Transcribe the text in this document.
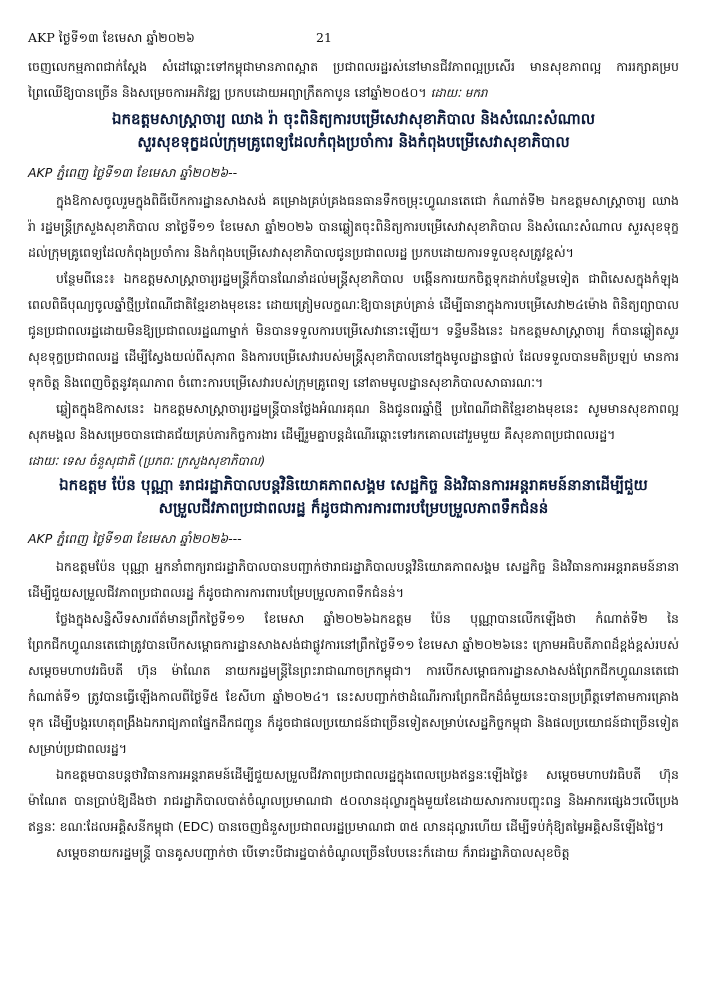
AKP ថ្ងៃទី១៣ ខែមេសា ឆ្នាំ២០២៦	21

ចេញលេកម្មភាពជាក់ស្តែង សំដៅឆ្ពោះទៅកម្ពុជាមានភាពស្អាត ប្រជាពលរដ្ឋរស់នៅមានជីវភាពល្អប្រសើរ មានសុខភាពល្អ ការរក្សាគម្របព្រៃឈើឱ្យបានច្រើន និងសម្រេចការអភិវឌ្ឍ ប្រកបដោយអព្យាក្រឹតកាបូន នៅឆ្នាំ២០៥០។ ដោយៈ មករា

ឯកឧត្តមសាស្ត្រាចារ្យ ឈាង រ៉ា ចុះពិនិត្យការបម្រើសេវាសុខាភិបាល និងសំណេះសំណាល
សួរសុខទុក្ខដល់ក្រុមគ្រូពេទ្យដែលកំពុងប្រចាំការ និងកំពុងបម្រើសេវាសុខាភិបាល

AKP ភ្នំពេញ ថ្ងៃទី១៣ ខែមេសា ឆ្នាំ២០២៦--

ក្នុងឱកាសចូលរួមក្នុងពិធីបើកការដ្ឋានសាងសង់ គម្រោងគ្រប់គ្រងធនធានទឹកចម្រុះហ្វូណនតេជោ កំណាត់ទី២ ឯកឧត្តមសាស្ត្រាចារ្យ ឈាង រ៉ា រដ្ឋមន្ត្រីក្រសួងសុខាភិបាល នាថ្ងៃទី១១ ខែមេសា ឆ្នាំ២០២៦ បានឆ្លៀតចុះពិនិត្យការបម្រើសេវាសុខាភិបាល និងសំណេះសំណាល សួរសុខទុក្ខដល់ក្រុមគ្រូពេទ្យដែលកំពុងប្រចាំការ និងកំពុងបម្រើសេវាសុខាភិបាលជូនប្រជាពលរដ្ឋ ប្រកបដោយការទទួលខុសត្រូវខ្ពស់។

បន្ថែមពីនេះ៖ ឯកឧត្តមសាស្ត្រាចារ្យរដ្ឋមន្ត្រីក៏បានណែនាំដល់មន្ត្រីសុខាភិបាល បង្កើនការយកចិត្តទុកដាក់បន្ថែមទៀត ជាពិសេសក្នុងកំឡុងពេលពិធីបុណ្យចូលឆ្នាំថ្មីប្រពៃណីជាតិខ្មែរខាងមុខនេះ ដោយត្រៀមលក្ខណៈឱ្យបានគ្រប់គ្រាន់ ដើម្បីធានាក្នុងការបម្រើសេវា២៤ម៉ោង ពិនិត្យព្យាបាល ជូនប្រជាពលរដ្ឋដោយមិនឱ្យប្រជាពលរដ្ឋណាម្នាក់ មិនបានទទួលការបម្រើសេវានោះឡើយ។ ទន្ទឹមនឹងនេះ ឯកឧត្តមសាស្ត្រាចារ្យ ក៏បានឆ្លៀតសួរសុខទុក្ខប្រជាពលរដ្ឋ ដើម្បីស្វែងយល់ពីសុភាព និងការបម្រើសេវារបស់មន្ត្រីសុខាភិបាលនៅក្នុងមូលដ្ឋានផ្ទាល់ ដែលទទួលបានមតិប្រឡប់ មានការទុកចិត្ត និងពេញចិត្តនូវគុណភាព ចំពោះការបម្រើសេវារបស់ក្រុមគ្រូពេទ្យ នៅតាមមូលដ្ឋានសុខាភិបាលសាធារណៈ។

ឆ្លៀតក្នុងឱកាសនេះ ឯកឧត្តមសាស្ត្រាចារ្យរដ្ឋមន្ត្រីបានថ្លែងអំណរគុណ និងជូនពរឆ្នាំថ្មី ប្រពៃណីជាតិខ្មែរខាងមុខនេះ សូមមានសុខភាពល្អ សុភមង្គល និងសម្រេចបានជោគជ័យគ្រប់ភារកិច្ចការងារ ដើម្បីរួមគ្នាបន្តដំណើរឆ្ពោះទៅរកគោលដៅរួមមួយ គឺសុខភាពប្រជាពលរដ្ឋ។

ដោយៈ ទេស ចំនួសុជាតិ (ប្រភពៈ ក្រសួងសុខាភិបាល)

ឯកឧត្តម ប៉ែន បុណ្ណា ៖រាជរដ្ឋាភិបាលបន្តវិនិយោគភាពសង្គម សេដ្ឋកិច្ច និងវិធានការអន្តរាគមន៍នានាដើម្បីជួយ
សម្រួលជីវភាពប្រជាពលរដ្ឋ ក៏ដូចជាការការពារបម្រែបម្រួលភាពទឹកជំនន់

AKP ភ្នំពេញ ថ្ងៃទី១៣ ខែមេសា ឆ្នាំ២០២៦---

ឯកឧត្តមប៉ែន បុណ្ណា អ្នកនាំពាក្យរាជរដ្ឋាភិបាលបានបញ្ជាក់ថារាជរដ្ឋាភិបាលបន្តវិនិយោគភាពសង្គម សេដ្ឋកិច្ច និងវិធានការអន្តរាគមន៍នានាដើម្បីជួយសម្រួលជីវភាពប្រជាពលរដ្ឋ ក៏ដូចជាការការពារបម្រែបម្រួលភាពទឹកជំនន់។

ថ្លែងក្នុងសន្និសីទសារព័ត៌មានព្រឹកថ្ងៃទី១១ ខែមេសា ឆ្នាំ២០២៦ឯកឧត្តម ប៉ែន បុណ្ណាបានលើកឡើងថា កំណាត់ទី២ នៃព្រែកជីកហ្វូណនតេជោត្រូវបានបើកសម្ពោធការដ្ឋានសាងសង់ជាផ្លូវការនៅព្រឹកថ្ងៃទី១១ ខែមេសា ឆ្នាំ២០២៦នេះ ក្រោមអធិបតីភាពដ៏ខ្ពង់ខ្ពស់របស់សម្តេចមហាបវរធិបតី ហ៊ុន ម៉ាណែត នាយករដ្ឋមន្ត្រីនៃព្រះរាជាណាចក្រកម្ពុជា។ ការបើកសម្ពោធការដ្ឋានសាងសង់ព្រែកជីកហ្វូណនតេជោកំណាត់ទី១ ត្រូវបានធ្វើឡើងកាលពីថ្ងៃទី៥ ខែសីហា ឆ្នាំ២០២៤។ នេះសបញ្ជាក់ថាដំណើរការព្រែកជីកដ៏ធំមួយនេះបានប្រព្រឹត្តទៅតាមការគ្រោងទុក ដើម្បីបង្ករហេតុពង្រឹងឯករាជ្យភាពផ្នែកដឹកជញ្ជូន ក៏ដូចជាផលប្រយោជន៍ជាច្រើនទៀតសម្រាប់សេដ្ឋកិច្ចកម្ពុជា និងផលប្រយោជន៍ជាច្រើនទៀតសម្រាប់ប្រជាពលរដ្ឋ។

ឯកឧត្តមបានបន្តថាវិធានការអន្តរាគមន៍ដើម្បីជួយសម្រួលជីវភាពប្រជាពលរដ្ឋក្នុងពេលប្រេងឥន្ធនៈឡើងថ្លៃ៖ សម្តេចមហាបវរធិបតី ហ៊ុន ម៉ាណែត បានប្រាប់ឱ្យដឹងថា រាជរដ្ឋាភិបាលបាត់ចំណូលប្រមាណជា ៥០លានដុល្លារក្នុងមួយខែដោយសារការបញ្ចុះពន្ធ និងអាករផ្សេងៗលើប្រេងឥន្ធនៈ ខណៈដែលអគ្គិសនីកម្ពុជា (EDC) បានចេញជំនួសប្រជាពលរដ្ឋប្រមាណជា ៣៥ លានដុល្លារហើយ ដើម្បីទប់កុំឱ្យតម្លៃអគ្គិសនីឡើងថ្លៃ។

សម្តេចនាយករដ្ឋមន្ត្រី បានគូសបញ្ជាក់ថា បើទោះបីជារដ្ឋបាត់ចំណូលច្រើនបែបនេះក៏ដោយ ក៏រាជរដ្ឋាភិបាលសុខចិត្ត
